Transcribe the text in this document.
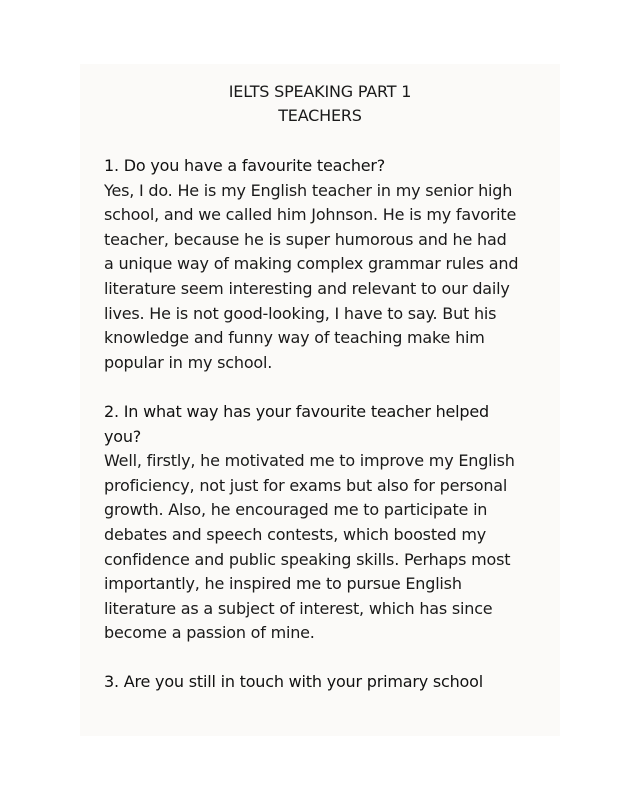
IELTS SPEAKING PART 1
TEACHERS

1. Do you have a favourite teacher?

Yes, I do. He is my English teacher in my senior high
school, and we called him Johnson. He is my favorite
teacher, because he is super humorous and he had
a unique way of making complex grammar rules and
literature seem interesting and relevant to our daily
lives. He is not good-looking, I have to say. But his
knowledge and funny way of teaching make him
popular in my school.

2. In what way has your favourite teacher helped
you?

Well, firstly, he motivated me to improve my English
proficiency, not just for exams but also for personal
growth. Also, he encouraged me to participate in
debates and speech contests, which boosted my
confidence and public speaking skills. Perhaps most
importantly, he inspired me to pursue English
literature as a subject of interest, which has since
become a passion of mine.

3. Are you still in touch with your primary school
